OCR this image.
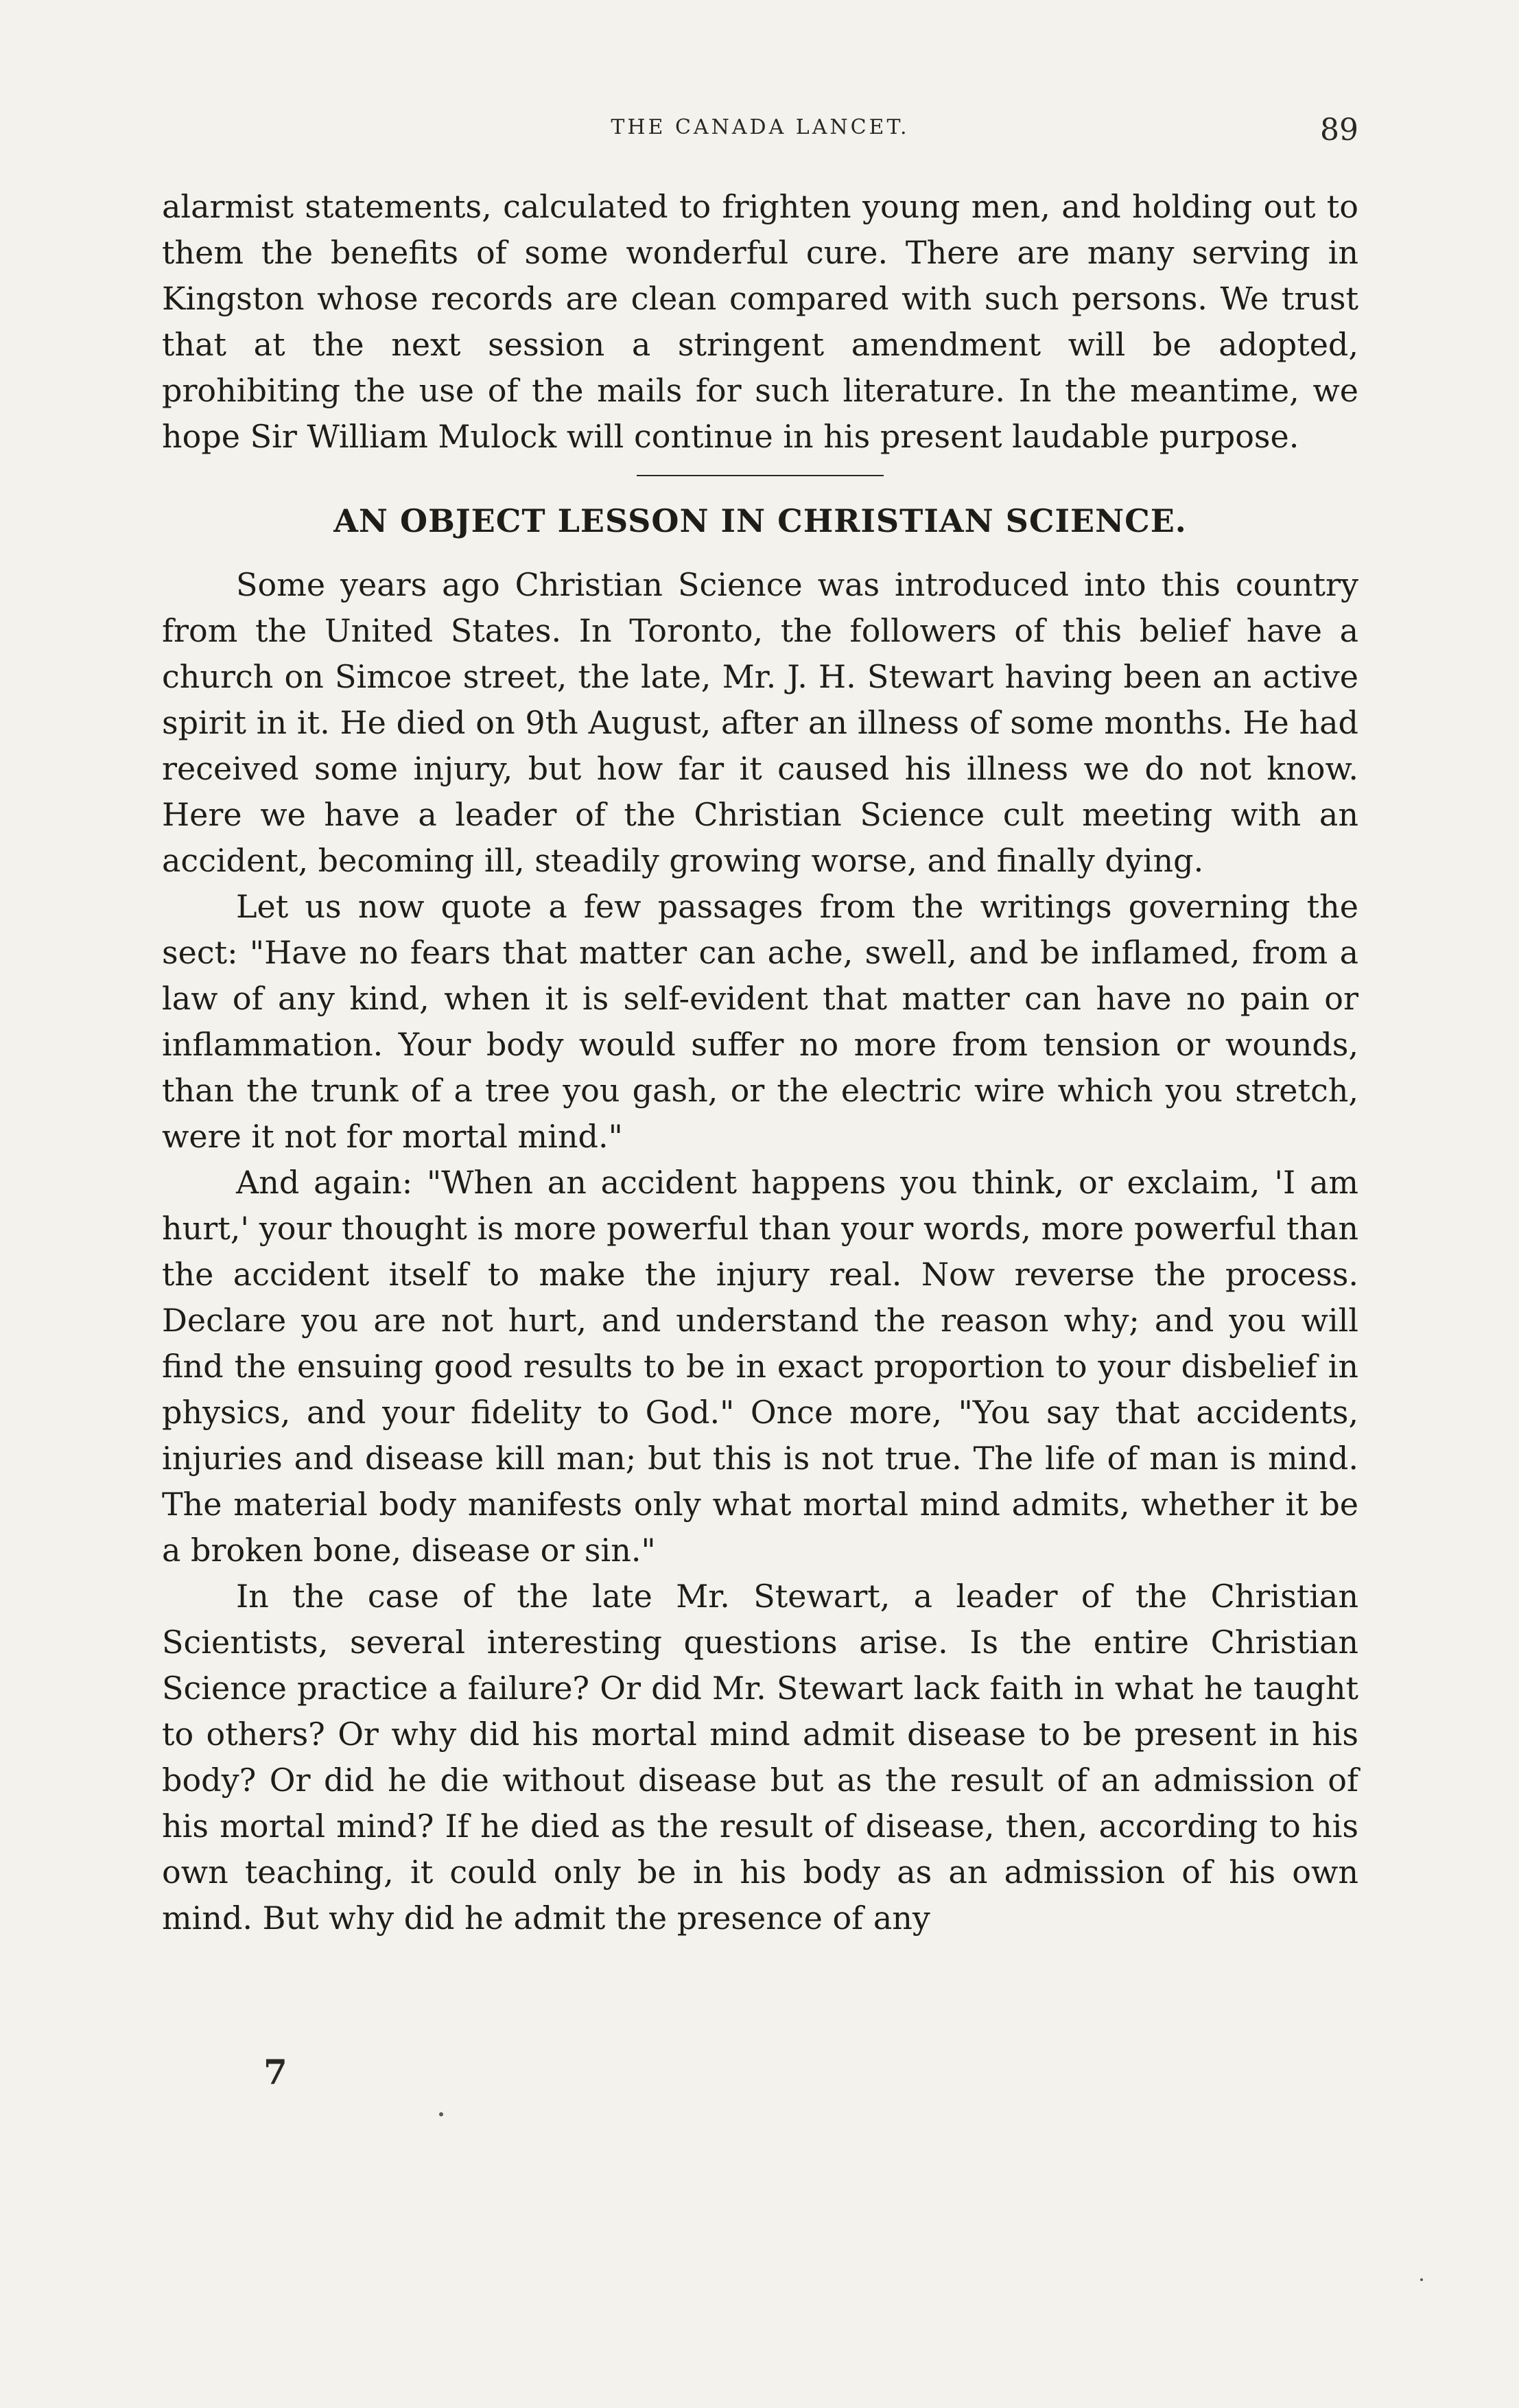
THE CANADA LANCET.	89

alarmist statements, calculated to frighten young men, and holding out to them the benefits of some wonderful cure. There are many serving in Kingston whose records are clean compared with such persons. We trust that at the next session a stringent amendment will be adopted, prohibiting the use of the mails for such literature. In the meantime, we hope Sir William Mulock will continue in his present laudable purpose.

AN OBJECT LESSON IN CHRISTIAN SCIENCE.

Some years ago Christian Science was introduced into this country from the United States. In Toronto, the followers of this belief have a church on Simcoe street, the late, Mr. J. H. Stewart having been an active spirit in it. He died on 9th August, after an illness of some months. He had received some injury, but how far it caused his illness we do not know. Here we have a leader of the Christian Science cult meeting with an accident, becoming ill, steadily growing worse, and finally dying.

Let us now quote a few passages from the writings governing the sect: "Have no fears that matter can ache, swell, and be inflamed, from a law of any kind, when it is self-evident that matter can have no pain or inflammation. Your body would suffer no more from tension or wounds, than the trunk of a tree you gash, or the electric wire which you stretch, were it not for mortal mind."

And again: "When an accident happens you think, or exclaim, 'I am hurt,' your thought is more powerful than your words, more powerful than the accident itself to make the injury real. Now reverse the process. Declare you are not hurt, and understand the reason why; and you will find the ensuing good results to be in exact proportion to your disbelief in physics, and your fidelity to God." Once more, "You say that accidents, injuries and disease kill man; but this is not true. The life of man is mind. The material body manifests only what mortal mind admits, whether it be a broken bone, disease or sin."

In the case of the late Mr. Stewart, a leader of the Christian Scientists, several interesting questions arise. Is the entire Christian Science practice a failure? Or did Mr. Stewart lack faith in what he taught to others? Or why did his mortal mind admit disease to be present in his body? Or did he die without disease but as the result of an admission of his mortal mind? If he died as the result of disease, then, according to his own teaching, it could only be in his body as an admission of his own mind. But why did he admit the presence of any

7
